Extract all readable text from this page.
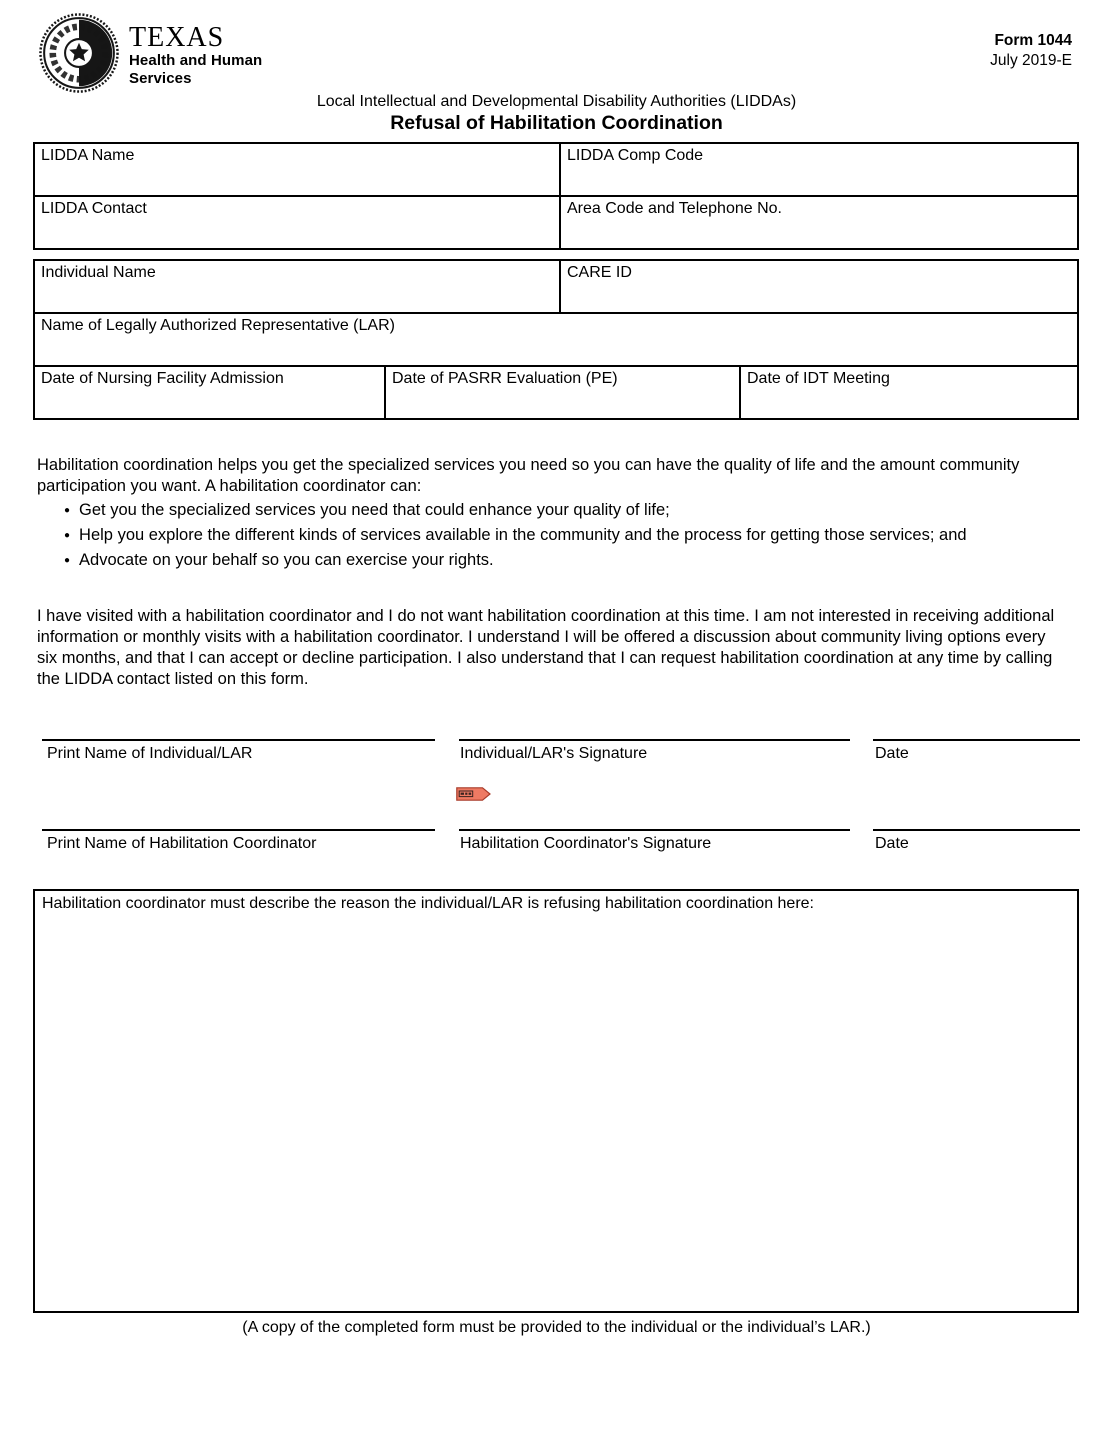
TEXAS
Health and Human
Services
Form 1044
July 2019-E
Local Intellectual and Developmental Disability Authorities (LIDDAs)
Refusal of Habilitation Coordination
LIDDA Name	LIDDA Comp Code
LIDDA Contact	Area Code and Telephone No.
Individual Name	CARE ID
Name of Legally Authorized Representative (LAR)
Date of Nursing Facility Admission	Date of PASRR Evaluation (PE)	Date of IDT Meeting

Habilitation coordination helps you get the specialized services you need so you can have the quality of life and the amount community participation you want. A habilitation coordinator can:

● Get you the specialized services you need that could enhance your quality of life;
● Help you explore the different kinds of services available in the community and the process for getting those services; and
● Advocate on your behalf so you can exercise your rights.

I have visited with a habilitation coordinator and I do not want habilitation coordination at this time. I am not interested in receiving additional information or monthly visits with a habilitation coordinator. I understand I will be offered a discussion about community living options every six months, and that I can accept or decline participation. I also understand that I can request habilitation coordination at any time by calling the LIDDA contact listed on this form.

Print Name of Individual/LAR	Individual/LAR's Signature	Date
Print Name of Habilitation Coordinator	Habilitation Coordinator's Signature	Date
Habilitation coordinator must describe the reason the individual/LAR is refusing habilitation coordination here:
(A copy of the completed form must be provided to the individual or the individual’s LAR.)
